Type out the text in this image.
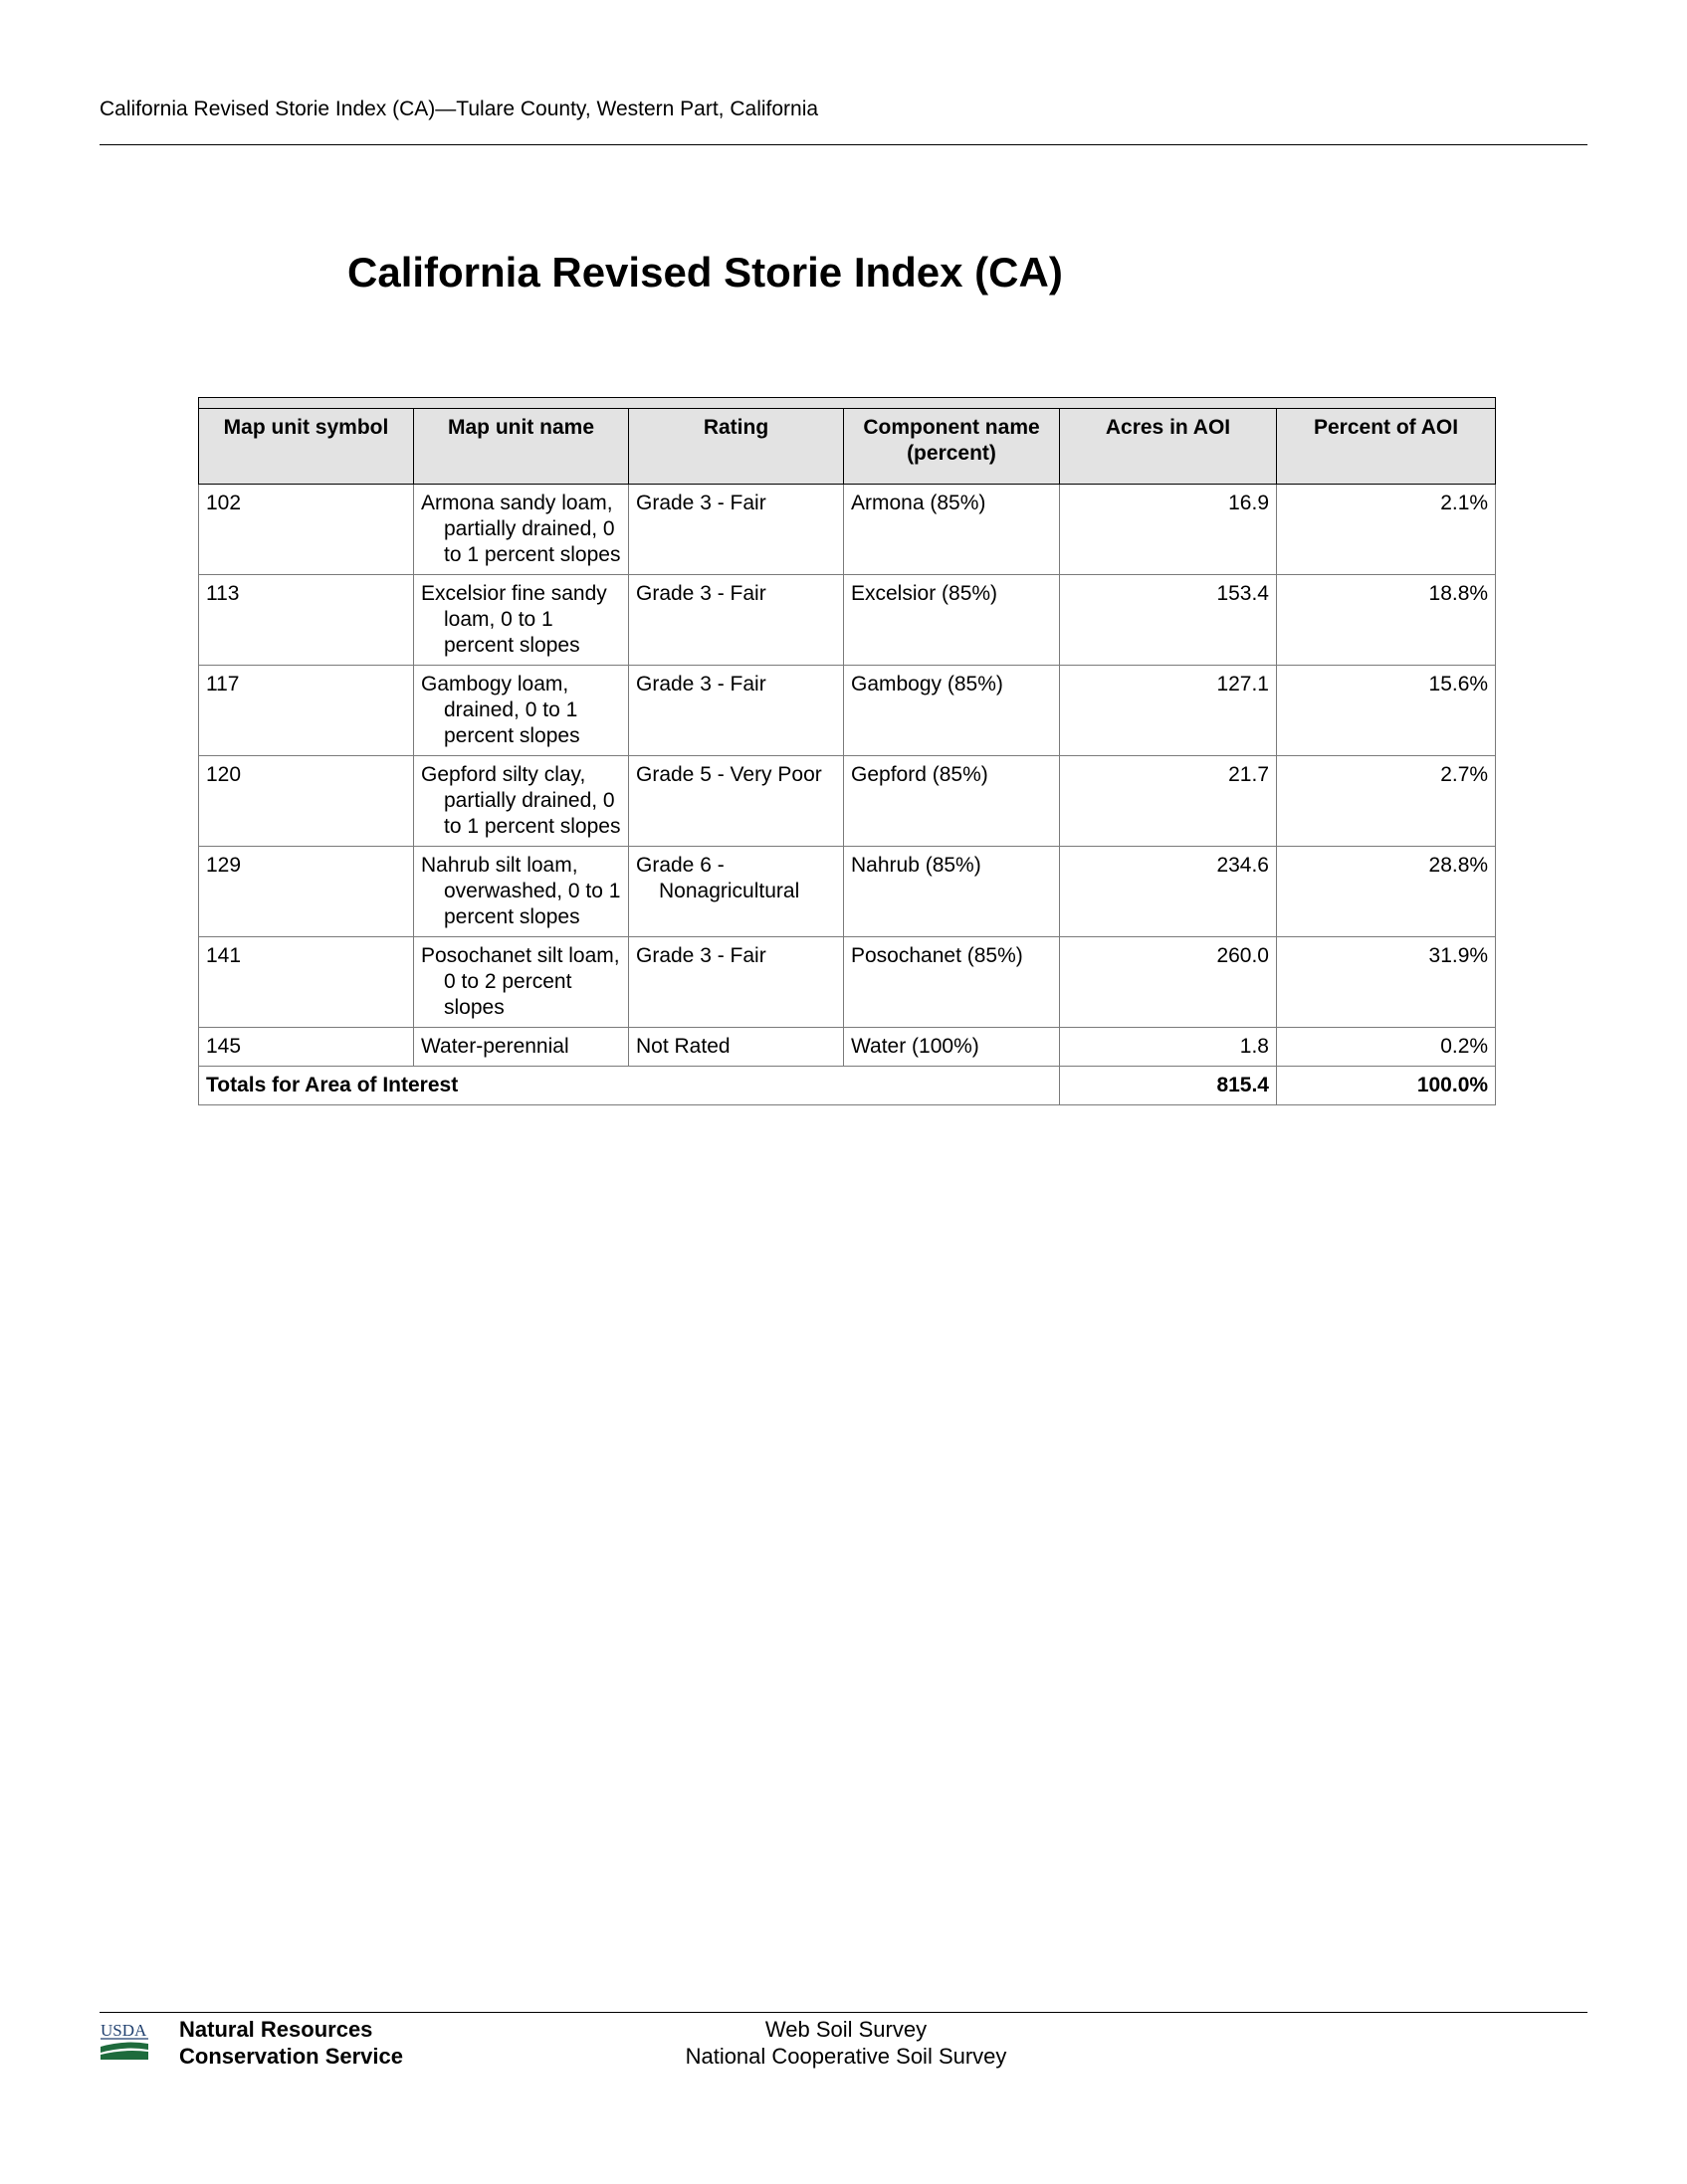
California Revised Storie Index (CA)—Tulare County, Western Part, California
California Revised Storie Index (CA)

Map unit symbol	Map unit name	Rating	Component name (percent)	Acres in AOI	Percent of AOI
102	Armona sandy loam, partially drained, 0 to 1 percent slopes	Grade 3 - Fair	Armona (85%)	16.9	2.1%
113	Excelsior fine sandy loam, 0 to 1 percent slopes	Grade 3 - Fair	Excelsior (85%)	153.4	18.8%
117	Gambogy loam, drained, 0 to 1 percent slopes	Grade 3 - Fair	Gambogy (85%)	127.1	15.6%
120	Gepford silty clay, partially drained, 0 to 1 percent slopes	Grade 5 - Very Poor	Gepford (85%)	21.7	2.7%
129	Nahrub silt loam, overwashed, 0 to 1 percent slopes	Grade 6 - Nonagricultural	Nahrub (85%)	234.6	28.8%
141	Posochanet silt loam, 0 to 2 percent slopes	Grade 3 - Fair	Posochanet (85%)	260.0	31.9%
145	Water-perennial	Not Rated	Water (100%)	1.8	0.2%
Totals for Area of Interest				815.4	100.0%
USDA Natural Resources
Conservation Service
Web Soil Survey
National Cooperative Soil Survey
